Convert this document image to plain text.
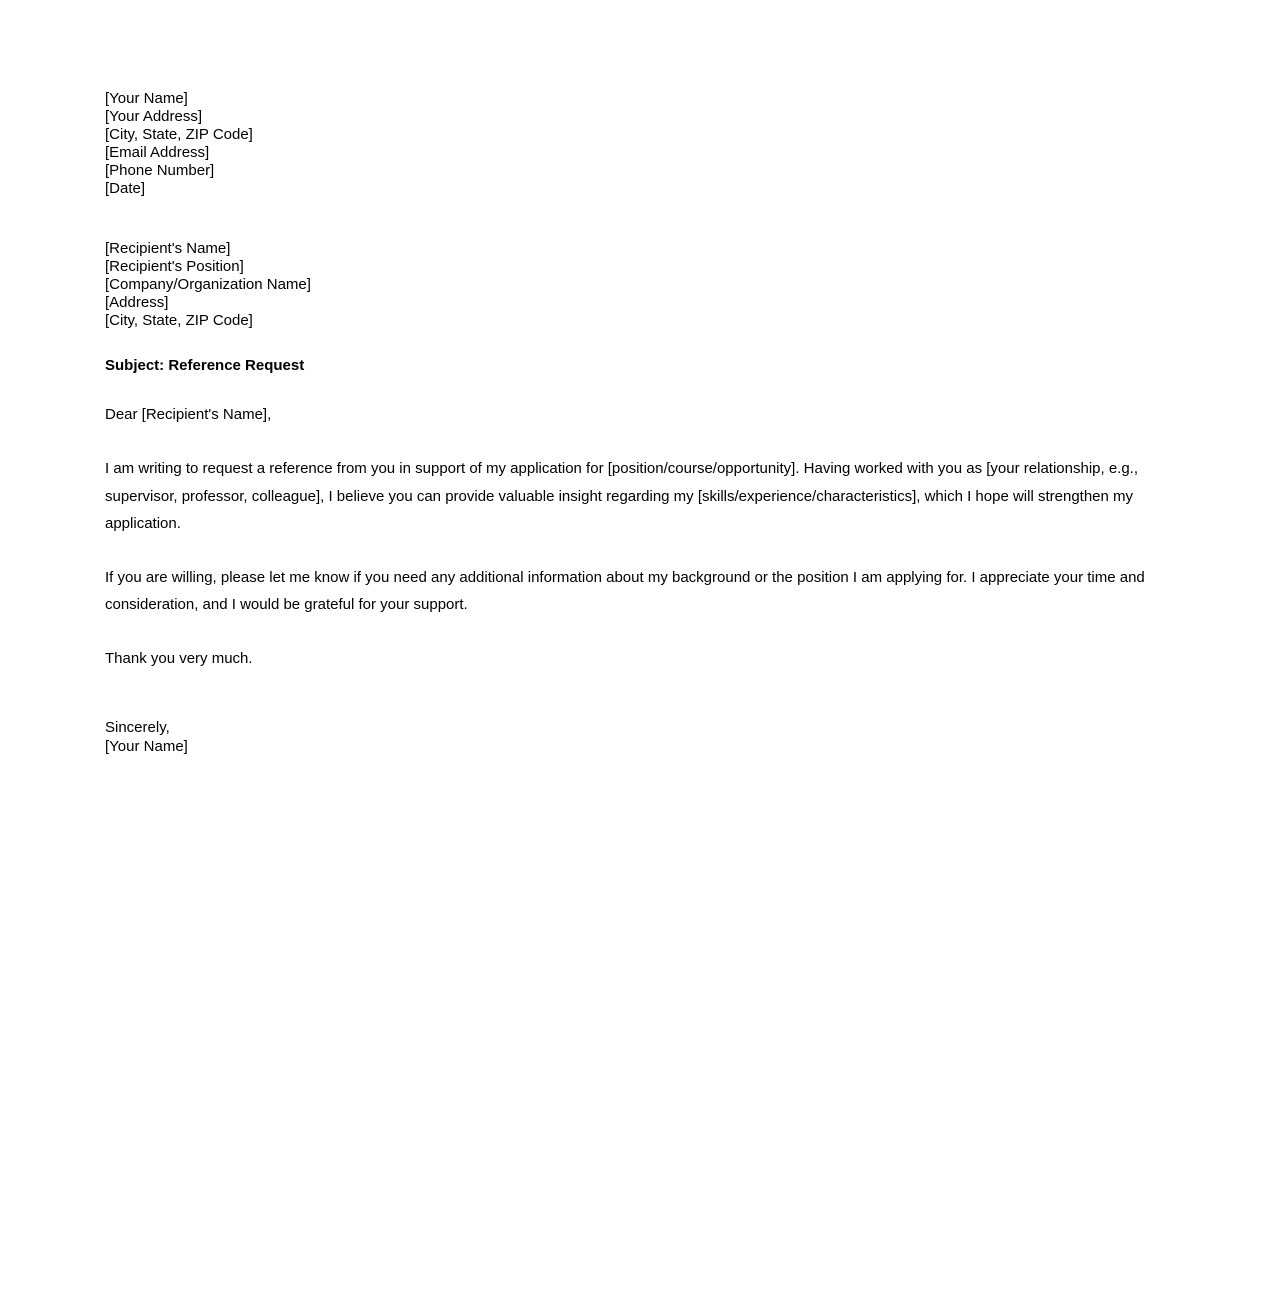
[Your Name]
[Your Address]
[City, State, ZIP Code]
[Email Address]
[Phone Number]
[Date]
[Recipient's Name]
[Recipient's Position]
[Company/Organization Name]
[Address]
[City, State, ZIP Code]
Subject: Reference Request
Dear [Recipient's Name],

I am writing to request a reference from you in support of my application for [position/course/opportunity]. Having worked with you as [your relationship, e.g., supervisor, professor, colleague], I believe you can provide valuable insight regarding my [skills/experience/characteristics], which I hope will strengthen my application.

If you are willing, please let me know if you need any additional information about my background or the position I am applying for. I appreciate your time and consideration, and I would be grateful for your support.

Thank you very much.

Sincerely,
[Your Name]
